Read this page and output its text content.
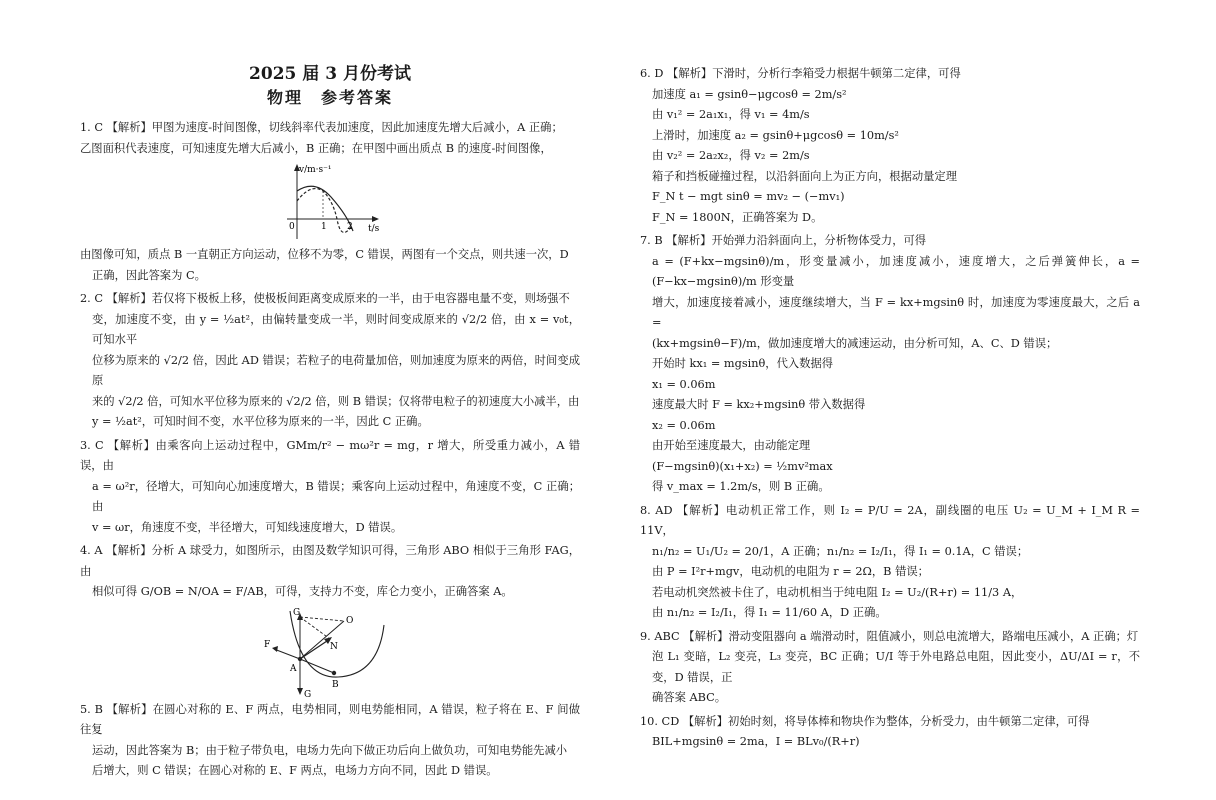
2025 届 3 月份考试
物理　参考答案

1. C 【解析】甲图为速度-时间图像，切线斜率代表加速度，因此加速度先增大后减小，A 正确；

乙图面积代表速度，可知速度先增大后减小，B 正确；在甲图中画出质点 B 的速度-时间图像，

v/m·s⁻¹
t/s
0	1 2

由图像可知，质点 B 一直朝正方向运动，位移不为零，C 错误，两图有一个交点，则共速一次，D

正确，因此答案为 C。

2. C 【解析】若仅将下极板上移，使极板间距离变成原来的一半，由于电容器电量不变，则场强不

变，加速度不变，由 y = ½at²，由偏转量变成一半，则时间变成原来的 √2/2 倍，由 x = v₀t，可知水平

位移为原来的 √2/2 倍，因此 AD 错误；若粒子的电荷量加倍，则加速度为原来的两倍，时间变成原

来的 √2/2 倍，可知水平位移为原来的 √2/2 倍，则 B 错误；仅将带电粒子的初速度大小减半，由

y = ½at²，可知时间不变，水平位移为原来的一半，因此 C 正确。

3. C 【解析】由乘客向上运动过程中，GMm/r² − mω²r = mg，r 增大，所受重力减小，A 错误，由

a = ω²r，径增大，可知向心加速度增大，B 错误；乘客向上运动过程中，角速度不变，C 正确；由

v = ωr，角速度不变，半径增大，可知线速度增大，D 错误。

4. A 【解析】分析 A 球受力，如图所示，由图及数学知识可得，三角形 ABO 相似于三角形 FAG，由

相似可得 G/OB = N/OA = F/AB，可得，支持力不变，库仑力变小，正确答案 A。

G
O
N
F
A
B
G

5. B 【解析】在圆心对称的 E、F 两点，电势相同，则电势能相同，A 错误，粒子将在 E、F 间做往复

运动，因此答案为 B；由于粒子带负电，电场力先向下做正功后向上做负功，可知电势能先减小

后增大，则 C 错误；在圆心对称的 E、F 两点，电场力方向不同，因此 D 错误。

6. D 【解析】下滑时，分析行李箱受力根据牛顿第二定律，可得

加速度 a₁ = gsinθ−μgcosθ = 2m/s²

由 v₁² = 2a₁x₁，得 v₁ = 4m/s

上滑时，加速度 a₂ = gsinθ+μgcosθ = 10m/s²

由 v₂² = 2a₂x₂，得 v₂ = 2m/s

箱子和挡板碰撞过程，以沿斜面向上为正方向，根据动量定理

F_N t − mgt sinθ = mv₂ − (−mv₁)

F_N = 1800N，正确答案为 D。

7. B 【解析】开始弹力沿斜面向上，分析物体受力，可得

a = (F+kx−mgsinθ)/m，形变量减小，加速度减小，速度增大，之后弹簧伸长，a = (F−kx−mgsinθ)/m 形变量

增大，加速度接着减小，速度继续增大，当 F = kx+mgsinθ 时，加速度为零速度最大，之后 a =

(kx+mgsinθ−F)/m，做加速度增大的减速运动，由分析可知，A、C、D 错误；

开始时 kx₁ = mgsinθ，代入数据得

x₁ = 0.06m

速度最大时 F = kx₂+mgsinθ 带入数据得

x₂ = 0.06m

由开始至速度最大，由动能定理

(F−mgsinθ)(x₁+x₂) = ½mv²max

得 v_max = 1.2m/s，则 B 正确。

8. AD 【解析】电动机正常工作，则 I₂ = P/U = 2A，副线圈的电压 U₂ = U_M + I_M R = 11V，

n₁/n₂ = U₁/U₂ = 20/1，A 正确；n₁/n₂ = I₂/I₁，得 I₁ = 0.1A，C 错误；

由 P = I²r+mgv，电动机的电阻为 r = 2Ω，B 错误；

若电动机突然被卡住了，电动机相当于纯电阻 I₂ = U₂/(R+r) = 11/3 A，

由 n₁/n₂ = I₂/I₁，得 I₁ = 11/60 A，D 正确。

9. ABC 【解析】滑动变阻器向 a 端滑动时，阻值减小，则总电流增大，路端电压减小，A 正确；灯

泡 L₁ 变暗，L₂ 变亮，L₃ 变亮，BC 正确；U/I 等于外电路总电阻，因此变小，ΔU/ΔI = r，不变，D 错误，正

确答案 ABC。

10. CD 【解析】初始时刻，将导体棒和物块作为整体，分析受力，由牛顿第二定律，可得

BIL+mgsinθ = 2ma，I = BLv₀/(R+r)
